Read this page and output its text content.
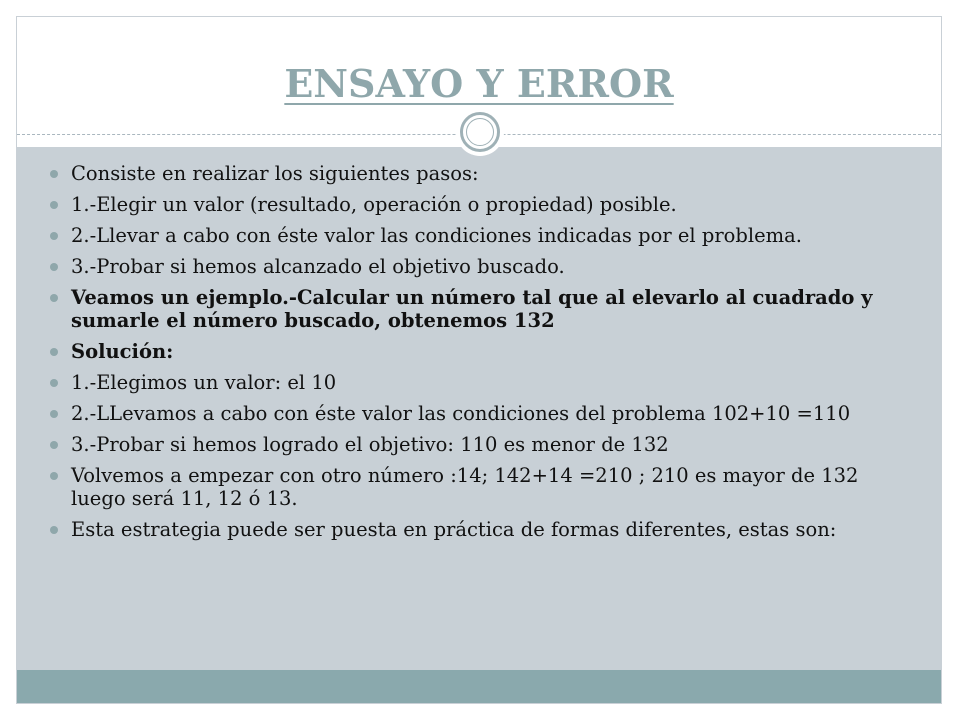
ENSAYO Y ERROR
Consiste en realizar los siguientes pasos:
1.-Elegir un valor (resultado, operación o propiedad) posible.
2.-Llevar a cabo con éste valor las condiciones indicadas por el problema.
3.-Probar si hemos alcanzado el objetivo buscado.
Veamos un ejemplo.-Calcular un número tal que al elevarlo al cuadrado y sumarle el número buscado, obtenemos 132
Solución:
1.-Elegimos un valor: el 10
2.-LLevamos a cabo con éste valor las condiciones del problema 102+10 =110
3.-Probar si hemos logrado el objetivo: 110 es menor de 132
Volvemos a empezar con otro número :14; 142+14 =210 ; 210 es mayor de 132 luego será 11, 12 ó 13.
Esta estrategia puede ser puesta en práctica de formas diferentes, estas son:
